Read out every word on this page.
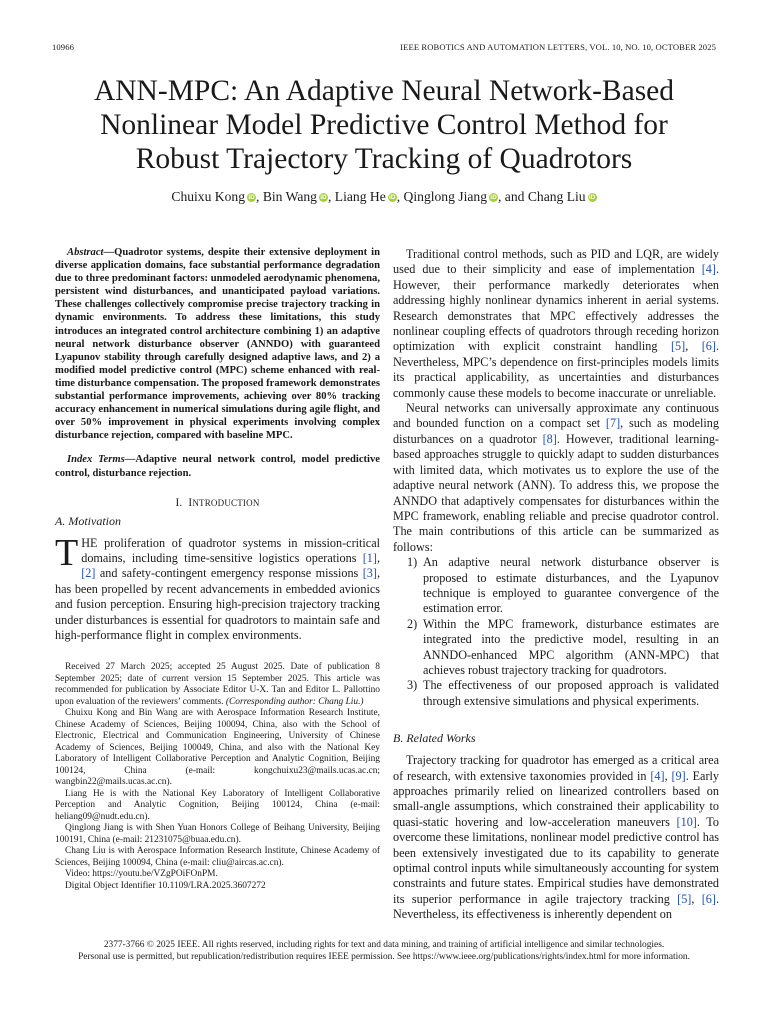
10966	IEEE ROBOTICS AND AUTOMATION LETTERS, VOL. 10, NO. 10, OCTOBER 2025
ANN-MPC: An Adaptive Neural Network-Based
Nonlinear Model Predictive Control Method for
Robust Trajectory Tracking of Quadrotors
Chuixu Kong iD, Bin Wang iD, Liang He iD, Qinglong Jiang iD, and Chang Liu iD

Abstract—Quadrotor systems, despite their extensive deployment in diverse application domains, face substantial performance degradation due to three predominant factors: unmodeled aerodynamic phenomena, persistent wind disturbances, and unanticipated payload variations. These challenges collectively compromise precise trajectory tracking in dynamic environments. To address these limitations, this study introduces an integrated control architecture combining 1) an adaptive neural network disturbance observer (ANNDO) with guaranteed Lyapunov stability through carefully designed adaptive laws, and 2) a modified model predictive control (MPC) scheme enhanced with real-time disturbance compensation. The proposed framework demonstrates substantial performance improvements, achieving over 80% tracking accuracy enhancement in numerical simulations during agile flight, and over 50% improvement in physical experiments involving complex disturbance rejection, compared with baseline MPC.

Index Terms—Adaptive neural network control, model predictive control, disturbance rejection.

I. INTRODUCTION

A. Motivation

THE proliferation of quadrotor systems in mission-critical domains, including time-sensitive logistics operations [1], [2] and safety-contingent emergency response missions [3], has been propelled by recent advancements in embedded avionics and fusion perception. Ensuring high-precision trajectory tracking under disturbances is essential for quadrotors to maintain safe and high-performance flight in complex environments.

Received 27 March 2025; accepted 25 August 2025. Date of publication 8 September 2025; date of current version 15 September 2025. This article was recommended for publication by Associate Editor U-X. Tan and Editor L. Pallottino upon evaluation of the reviewers’ comments. (Corresponding author: Chang Liu.)

Chuixu Kong and Bin Wang are with Aerospace Information Research Institute, Chinese Academy of Sciences, Beijing 100094, China, also with the School of Electronic, Electrical and Communication Engineering, University of Chinese Academy of Sciences, Beijing 100049, China, and also with the National Key Laboratory of Intelligent Collaborative Perception and Analytic Cognition, Beijing 100124, China (e-mail: kongchuixu23@mails.ucas.ac.cn; wangbin22@mails.ucas.ac.cn).

Liang He is with the National Key Laboratory of Intelligent Collaborative Perception and Analytic Cognition, Beijing 100124, China (e-mail: heliang09@nudt.edu.cn).

Qinglong Jiang is with Shen Yuan Honors College of Beihang University, Beijing 100191, China (e-mail: 21231075@buaa.edu.cn).

Chang Liu is with Aerospace Information Research Institute, Chinese Academy of Sciences, Beijing 100094, China (e-mail: cliu@aircas.ac.cn).

Video: https://youtu.be/VZgPOiFOnPM.

Digital Object Identifier 10.1109/LRA.2025.3607272

Traditional control methods, such as PID and LQR, are widely used due to their simplicity and ease of implementation [4]. However, their performance markedly deteriorates when addressing highly nonlinear dynamics inherent in aerial systems. Research demonstrates that MPC effectively addresses the nonlinear coupling effects of quadrotors through receding horizon optimization with explicit constraint handling [5], [6]. Nevertheless, MPC’s dependence on first-principles models limits its practical applicability, as uncertainties and disturbances commonly cause these models to become inaccurate or unreliable.

Neural networks can universally approximate any continuous and bounded function on a compact set [7], such as modeling disturbances on a quadrotor [8]. However, traditional learning-based approaches struggle to quickly adapt to sudden disturbances with limited data, which motivates us to explore the use of the adaptive neural network (ANN). To address this, we propose the ANNDO that adaptively compensates for disturbances within the MPC framework, enabling reliable and precise quadrotor control. The main contributions of this article can be summarized as follows:

1) An adaptive neural network disturbance observer is proposed to estimate disturbances, and the Lyapunov technique is employed to guarantee convergence of the estimation error.
2) Within the MPC framework, disturbance estimates are integrated into the predictive model, resulting in an ANNDO-enhanced MPC algorithm (ANN-MPC) that achieves robust trajectory tracking for quadrotors.
3) The effectiveness of our proposed approach is validated through extensive simulations and physical experiments.

B. Related Works

Trajectory tracking for quadrotor has emerged as a critical area of research, with extensive taxonomies provided in [4], [9]. Early approaches primarily relied on linearized controllers based on small-angle assumptions, which constrained their applicability to quasi-static hovering and low-acceleration maneuvers [10]. To overcome these limitations, nonlinear model predictive control has been extensively investigated due to its capability to generate optimal control inputs while simultaneously accounting for system constraints and future states. Empirical studies have demonstrated its superior performance in agile trajectory tracking [5], [6]. Nevertheless, its effectiveness is inherently dependent on

2377-3766 © 2025 IEEE. All rights reserved, including rights for text and data mining, and training of artificial intelligence and similar technologies.
Personal use is permitted, but republication/redistribution requires IEEE permission. See https://www.ieee.org/publications/rights/index.html for more information.
